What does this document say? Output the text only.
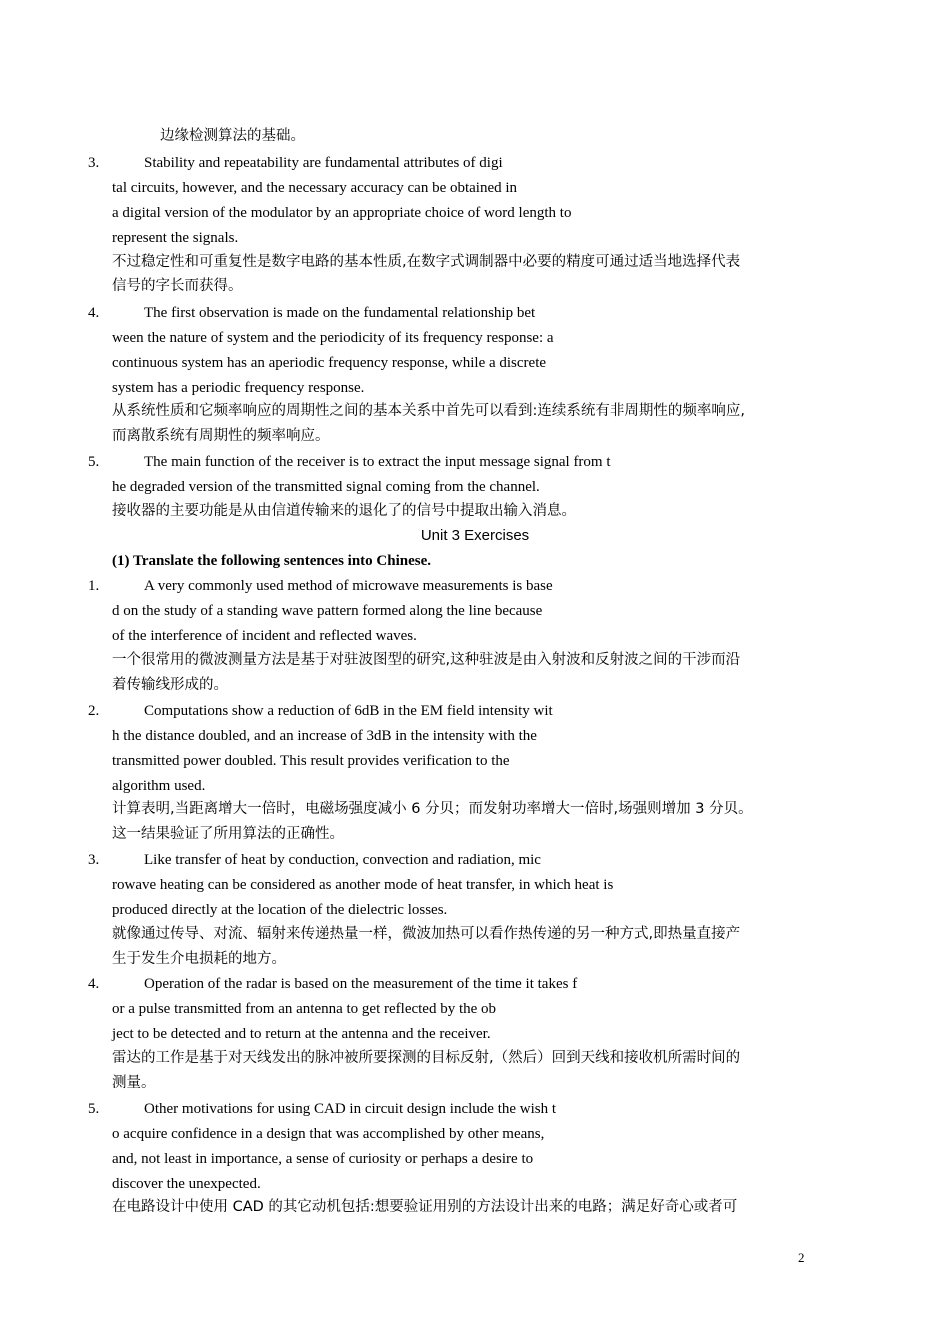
边缘检测算法的基础。
3.	Stability and repeatability are fundamental attributes of digi
tal circuits, however, and the necessary accuracy can be obtained in
a digital version of the modulator by an appropriate choice of word length to
represent the signals.
不过稳定性和可重复性是数字电路的基本性质,在数字式调制器中必要的精度可通过适当地选择代表
信号的字长而获得。
4.	The first observation is made on the fundamental relationship bet
ween the nature of system and the periodicity of its frequency response: a
continuous system has an aperiodic frequency response, while a discrete
system has a periodic frequency response.
从系统性质和它频率响应的周期性之间的基本关系中首先可以看到:连续系统有非周期性的频率响应,
而离散系统有周期性的频率响应。
5.	The main function of the receiver is to extract the input message signal from t
he degraded version of the transmitted signal coming from the channel.
接收器的主要功能是从由信道传输来的退化了的信号中提取出输入消息。
Unit 3 Exercises
(1) Translate the following sentences into Chinese.
1.	A very commonly used method of microwave measurements is base
d on the study of a standing wave pattern formed along the line because
of the interference of incident and reflected waves.
一个很常用的微波测量方法是基于对驻波图型的研究,这种驻波是由入射波和反射波之间的干涉而沿
着传输线形成的。
2.	Computations show a reduction of 6dB in the EM field intensity wit
h the distance doubled, and an increase of 3dB in the intensity with the
transmitted power doubled. This result provides verification to the
algorithm used.
计算表明,当距离增大一倍时，电磁场强度减小 6 分贝；而发射功率增大一倍时,场强则增加 3 分贝。
这一结果验证了所用算法的正确性。
3.	Like transfer of heat by conduction, convection and radiation, mic
rowave heating can be considered as another mode of heat transfer, in which heat is
produced directly at the location of the dielectric losses.
就像通过传导、对流、辐射来传递热量一样，微波加热可以看作热传递的另一种方式,即热量直接产
生于发生介电损耗的地方。
4.	Operation of the radar is based on the measurement of the time it takes f
or a pulse transmitted from an antenna to get reflected by the ob
ject to be detected and to return at the antenna and the receiver.
雷达的工作是基于对天线发出的脉冲被所要探测的目标反射,（然后）回到天线和接收机所需时间的
测量。
5.	Other motivations for using CAD in circuit design include the wish t
o acquire confidence in a design that was accomplished by other means,
and, not least in importance, a sense of curiosity or perhaps a desire to
discover the unexpected.
在电路设计中使用 CAD 的其它动机包括:想要验证用别的方法设计出来的电路；满足好奇心或者可
2
